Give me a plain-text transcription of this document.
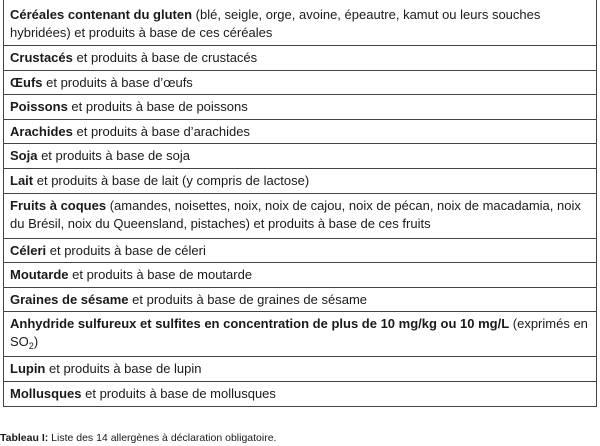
Céréales contenant du gluten (blé, seigle, orge, avoine, épeautre, kamut ou leurs souches hybridées) et produits à base de ces céréales
Crustacés et produits à base de crustacés
Œufs et produits à base d’œufs
Poissons et produits à base de poissons
Arachides et produits à base d’arachides
Soja et produits à base de soja
Lait et produits à base de lait (y compris de lactose)
Fruits à coques (amandes, noisettes, noix, noix de cajou, noix de pécan, noix de macadamia, noix du Brésil, noix du Queensland, pistaches) et produits à base de ces fruits
Céleri et produits à base de céleri
Moutarde et produits à base de moutarde
Graines de sésame et produits à base de graines de sésame
Anhydride sulfureux et sulfites en concentration de plus de 10 mg/kg ou 10 mg/L (exprimés en $SO_2$)
Lupin et produits à base de lupin
Mollusques et produits à base de mollusques
Tableau I: Liste des 14 allergènes à déclaration obligatoire.
